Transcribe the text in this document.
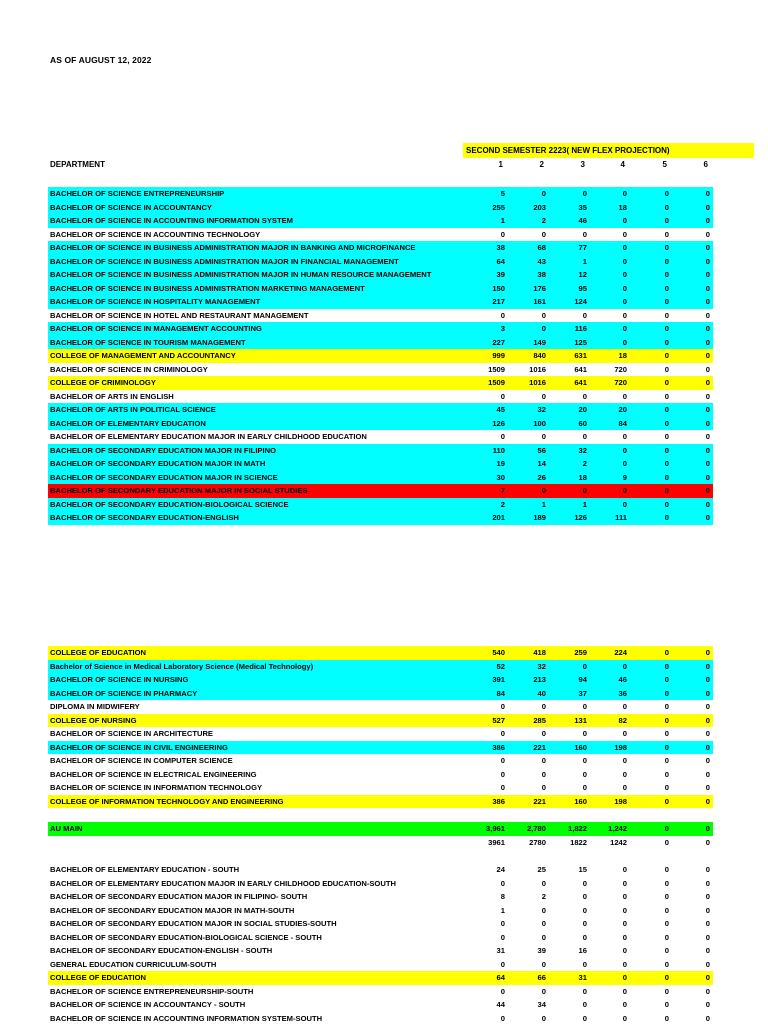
AS OF AUGUST 12, 2022
SECOND SEMESTER 2223( NEW FLEX PROJECTION)
DEPARTMENT	1	2	3	4	5	6
BACHELOR OF SCIENCE ENTREPRENEURSHIP	5	0	0	0	0	0
BACHELOR OF SCIENCE IN ACCOUNTANCY	255	203	35	18	0	0
BACHELOR OF SCIENCE IN ACCOUNTING INFORMATION SYSTEM	1	2	46	0	0	0
BACHELOR OF SCIENCE IN ACCOUNTING TECHNOLOGY	0	0	0	0	0	0
BACHELOR OF SCIENCE IN BUSINESS ADMINISTRATION MAJOR IN BANKING AND MICROFINANCE	38	68	77	0	0	0
BACHELOR OF SCIENCE IN BUSINESS ADMINISTRATION MAJOR IN FINANCIAL MANAGEMENT	64	43	1	0	0	0
BACHELOR OF SCIENCE IN BUSINESS ADMINISTRATION MAJOR IN HUMAN RESOURCE MANAGEMENT	39	38	12	0	0	0
BACHELOR OF SCIENCE IN BUSINESS ADMINISTRATION MARKETING MANAGEMENT	150	176	95	0	0	0
BACHELOR OF SCIENCE IN HOSPITALITY MANAGEMENT	217	161	124	0	0	0
BACHELOR OF SCIENCE IN HOTEL AND RESTAURANT MANAGEMENT	0	0	0	0	0	0
BACHELOR OF SCIENCE IN MANAGEMENT ACCOUNTING	3	0	116	0	0	0
BACHELOR OF SCIENCE IN TOURISM MANAGEMENT	227	149	125	0	0	0
COLLEGE OF MANAGEMENT AND ACCOUNTANCY	999	840	631	18	0	0
BACHELOR OF SCIENCE IN CRIMINOLOGY	1509	1016	641	720	0	0
COLLEGE OF CRIMINOLOGY	1509	1016	641	720	0	0
BACHELOR OF ARTS IN ENGLISH	0	0	0	0	0	0
BACHELOR OF ARTS IN POLITICAL SCIENCE	45	32	20	20	0	0
BACHELOR OF ELEMENTARY EDUCATION	126	100	60	84	0	0
BACHELOR OF ELEMENTARY EDUCATION MAJOR IN EARLY CHILDHOOD EDUCATION	0	0	0	0	0	0
BACHELOR OF SECONDARY EDUCATION MAJOR IN FILIPINO	110	56	32	0	0	0
BACHELOR OF SECONDARY EDUCATION MAJOR IN MATH	19	14	2	0	0	0
BACHELOR OF SECONDARY EDUCATION MAJOR IN SCIENCE	30	26	18	9	0	0
BACHELOR OF SECONDARY EDUCATION MAJOR IN SOCIAL STUDIES	7	0	0	0	0	0
BACHELOR OF SECONDARY EDUCATION-BIOLOGICAL SCIENCE	2	1	1	0	0	0
BACHELOR OF SECONDARY EDUCATION-ENGLISH	201	189	126	111	0	0
COLLEGE OF EDUCATION	540	418	259	224	0	0
Bachelor of Science in Medical Laboratory Science (Medical Technology)	52	32	0	0	0	0
BACHELOR OF SCIENCE IN NURSING	391	213	94	46	0	0
BACHELOR OF SCIENCE IN PHARMACY	84	40	37	36	0	0
DIPLOMA IN MIDWIFERY	0	0	0	0	0	0
COLLEGE OF NURSING	527	285	131	82	0	0
BACHELOR OF SCIENCE IN ARCHITECTURE	0	0	0	0	0	0
BACHELOR OF SCIENCE IN CIVIL ENGINEERING	386	221	160	198	0	0
BACHELOR OF SCIENCE IN COMPUTER SCIENCE	0	0	0	0	0	0
BACHELOR OF SCIENCE IN ELECTRICAL ENGINEERING	0	0	0	0	0	0
BACHELOR OF SCIENCE IN INFORMATION TECHNOLOGY	0	0	0	0	0	0
COLLEGE OF INFORMATION TECHNOLOGY AND ENGINEERING	386	221	160	198	0	0
AU MAIN	3,961	2,780	1,822	1,242	0	0
3961	2780	1822	1242	0	0
BACHELOR OF ELEMENTARY EDUCATION - SOUTH	24	25	15	0	0	0
BACHELOR OF ELEMENTARY EDUCATION MAJOR IN EARLY CHILDHOOD EDUCATION-SOUTH	0	0	0	0	0	0
BACHELOR OF SECONDARY EDUCATION MAJOR IN FILIPINO- SOUTH	8	2	0	0	0	0
BACHELOR OF SECONDARY EDUCATION MAJOR IN MATH-SOUTH	1	0	0	0	0	0
BACHELOR OF SECONDARY EDUCATION MAJOR IN SOCIAL STUDIES-SOUTH	0	0	0	0	0	0
BACHELOR OF SECONDARY EDUCATION-BIOLOGICAL SCIENCE - SOUTH	0	0	0	0	0	0
BACHELOR OF SECONDARY EDUCATION-ENGLISH - SOUTH	31	39	16	0	0	0
GENERAL EDUCATION CURRICULUM-SOUTH	0	0	0	0	0	0
COLLEGE OF EDUCATION	64	66	31	0	0	0
BACHELOR OF SCIENCE ENTREPRENEURSHIP-SOUTH	0	0	0	0	0	0
BACHELOR OF SCIENCE IN ACCOUNTANCY - SOUTH	44	34	0	0	0	0
BACHELOR OF SCIENCE IN ACCOUNTING INFORMATION SYSTEM-SOUTH	0	0	0	0	0	0
